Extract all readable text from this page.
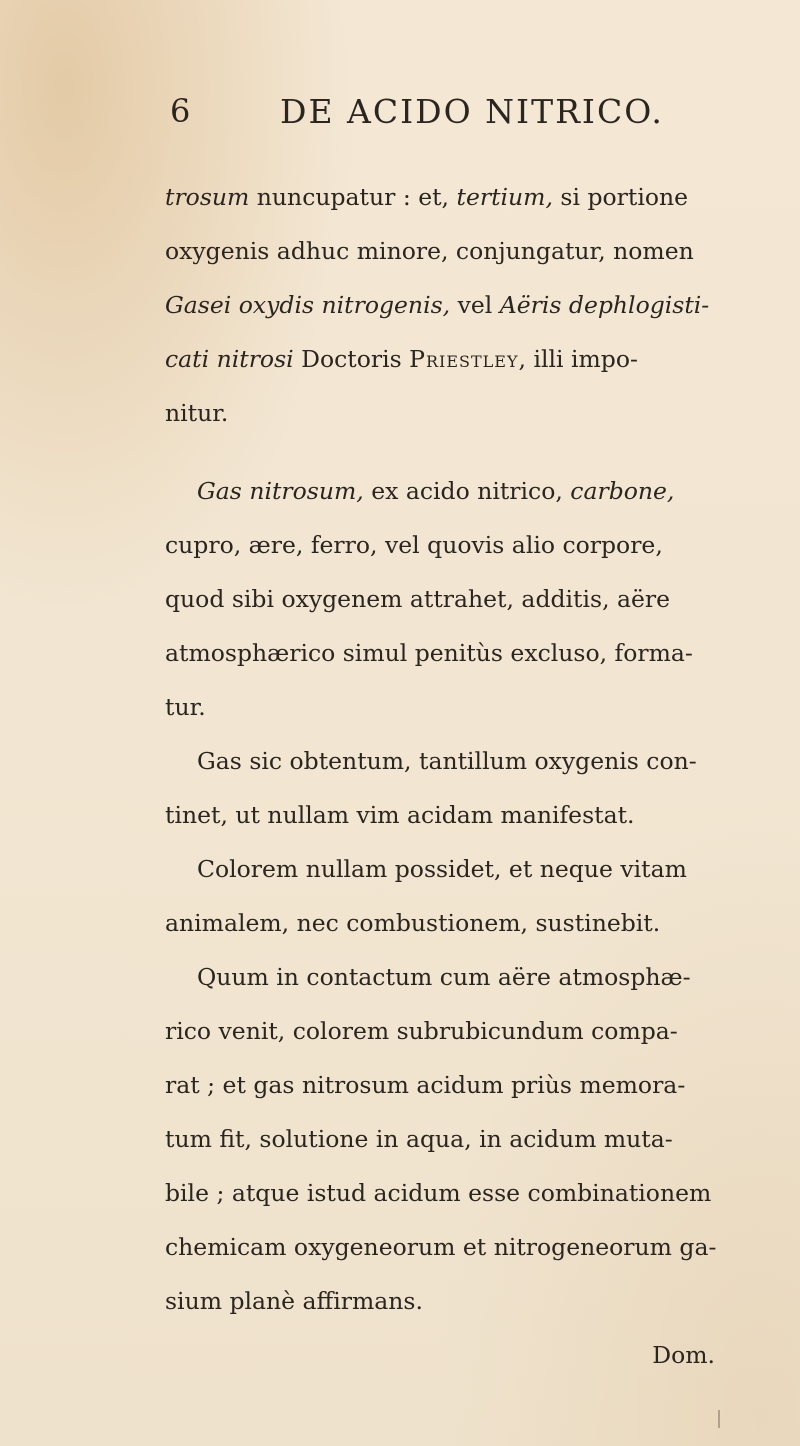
6	DE ACIDO NITRICO.
trosum nuncupatur : et, tertium, si portione
oxygenis adhuc minore, conjungatur, nomen
Gasei oxydis nitrogenis, vel Aëris dephlogisti-
cati nitrosi Doctoris Priestley, illi impo-
nitur.
Gas nitrosum, ex acido nitrico, carbone,
cupro, ære, ferro, vel quovis alio corpore,
quod sibi oxygenem attrahet, additis, aëre
atmosphærico simul penitùs excluso, forma-
tur.
Gas sic obtentum, tantillum oxygenis con-
tinet, ut nullam vim acidam manifestat.
Colorem nullam possidet, et neque vitam
animalem, nec combustionem, sustinebit.
Quum in contactum cum aëre atmosphæ-
rico venit, colorem subrubicundum compa-
rat ; et gas nitrosum acidum priùs memora-
tum fit, solutione in aqua, in acidum muta-
bile ; atque istud acidum esse combinationem
chemicam oxygeneorum et nitrogeneorum ga-
sium planè affirmans.
Dom.
